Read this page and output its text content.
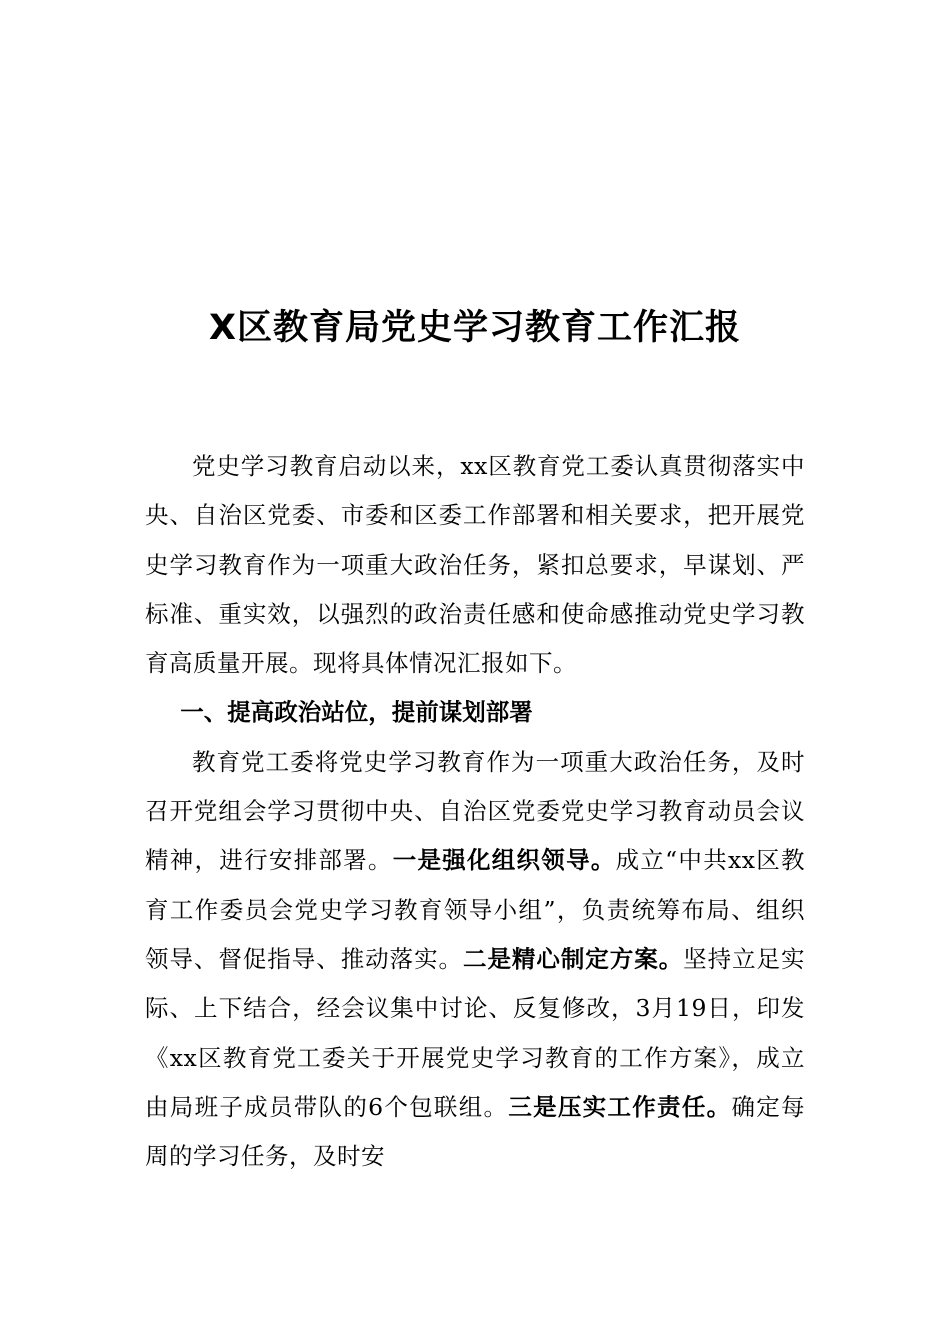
X区教育局党史学习教育工作汇报

党史学习教育启动以来，xx区教育党工委认真贯彻落实中央、自治区党委、市委和区委工作部署和相关要求，把开展党史学习教育作为一项重大政治任务，紧扣总要求，早谋划、严标准、重实效，以强烈的政治责任感和使命感推动党史学习教育高质量开展。现将具体情况汇报如下。

一、提高政治站位，提前谋划部署

教育党工委将党史学习教育作为一项重大政治任务，及时召开党组会学习贯彻中央、自治区党委党史学习教育动员会议精神，进行安排部署。一是强化组织领导。成立“中共xx区教育工作委员会党史学习教育领导小组”，负责统筹布局、组织领导、督促指导、推动落实。二是精心制定方案。坚持立足实际、上下结合，经会议集中讨论、反复修改，3月19日，印发《xx区教育党工委关于开展党史学习教育的工作方案》，成立由局班子成员带队的6个包联组。三是压实工作责任。确定每周的学习任务，及时安
